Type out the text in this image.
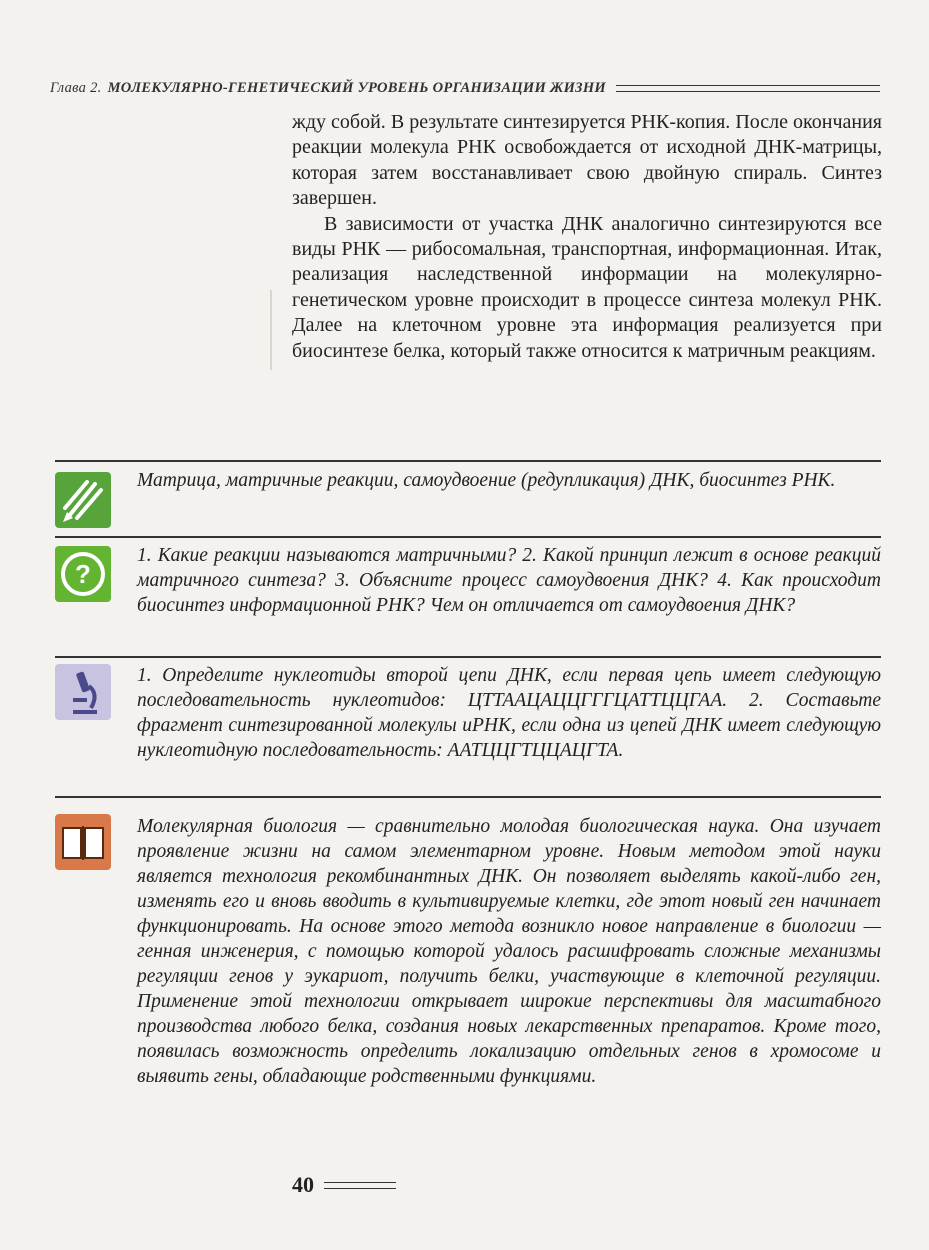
Глава 2. МОЛЕКУЛЯРНО-ГЕНЕТИЧЕСКИЙ УРОВЕНЬ ОРГАНИЗАЦИИ ЖИЗНИ

жду собой. В результате синтезируется РНК-копия. После окончания реакции молекула РНК освобождается от исходной ДНК-матрицы, которая затем восстанавливает свою двойную спираль. Синтез завершен.

В зависимости от участка ДНК аналогично синтезируются все виды РНК — рибосомальная, транспортная, информационная. Итак, реализация наследственной информации на молекулярно-генетическом уровне происходит в процессе синтеза молекул РНК. Далее на клеточном уровне эта информация реализуется при биосинтезе белка, который также относится к матричным реакциям.

Матрица, матричные реакции, самоудвоение (редупликация) ДНК, биосинтез РНК.
?
1. Какие реакции называются матричными? 2. Какой принцип лежит в основе реакций матричного синтеза? 3. Объясните процесс самоудвоения ДНК? 4. Как происходит биосинтез информационной РНК? Чем он отличается от самоудвоения ДНК?
1. Определите нуклеотиды второй цепи ДНК, если первая цепь имеет следующую последовательность нуклеотидов: ЦТТААЦАЦЦГГГЦАТТЦЦГАА. 2. Составьте фрагмент синтезированной молекулы иРНК, если одна из цепей ДНК имеет следующую нуклеотидную последовательность: ААТЦЦГТЦЦАЦГТА.
Молекулярная биология — сравнительно молодая биологическая наука. Она изучает проявление жизни на самом элементарном уровне. Новым методом этой науки является технология рекомбинантных ДНК. Он позволяет выделять какой-либо ген, изменять его и вновь вводить в культивируемые клетки, где этот новый ген начинает функционировать. На основе этого метода возникло новое направление в биологии — генная инженерия, с помощью которой удалось расшифровать сложные механизмы регуляции генов у эукариот, получить белки, участвующие в клеточной регуляции. Применение этой технологии открывает широкие перспективы для масштабного производства любого белка, создания новых лекарственных препаратов. Кроме того, появилась возможность определить локализацию отдельных генов в хромосоме и выявить гены, обладающие родственными функциями.
40
